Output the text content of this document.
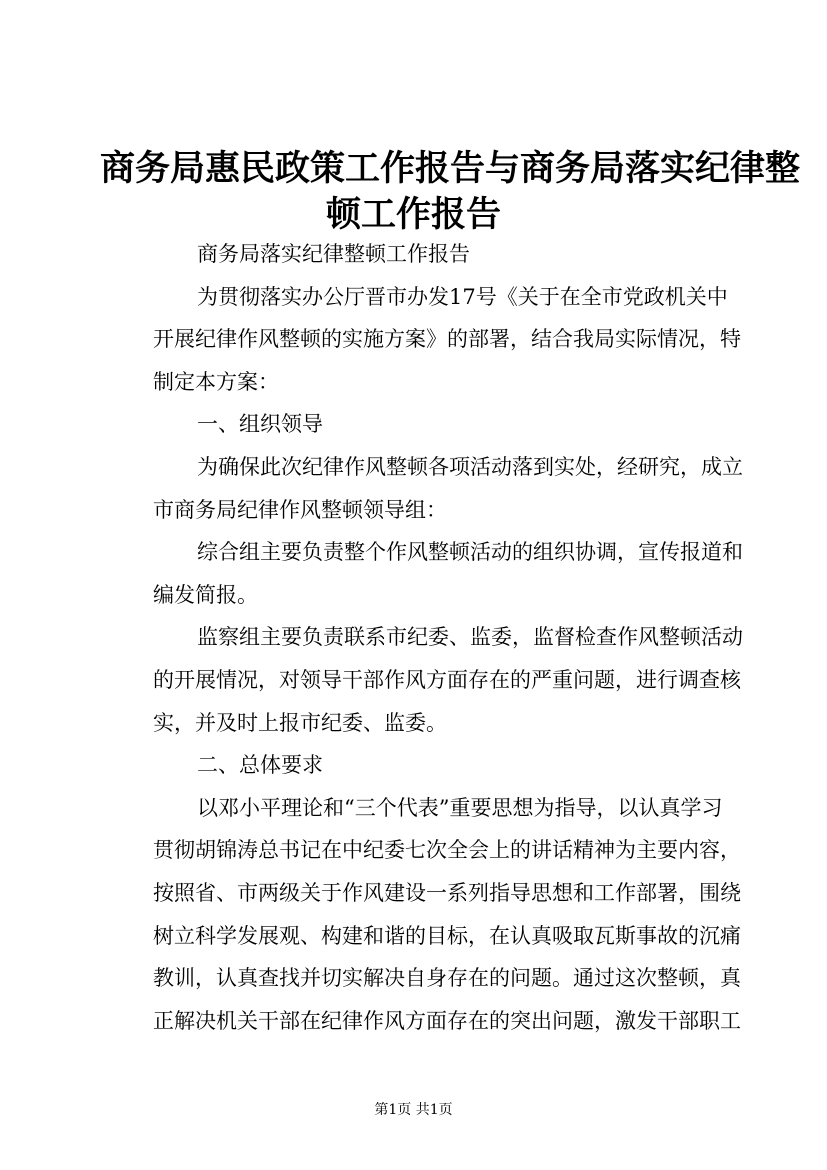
商务局惠民政策工作报告与商务局落实纪律整
顿工作报告
商务局落实纪律整顿工作报告
为贯彻落实办公厅晋市办发17号《关于在全市党政机关中
开展纪律作风整顿的实施方案》的部署，结合我局实际情况，特
制定本方案：
一、组织领导
为确保此次纪律作风整顿各项活动落到实处，经研究，成立
市商务局纪律作风整顿领导组：
综合组主要负责整个作风整顿活动的组织协调，宣传报道和
编发简报。
监察组主要负责联系市纪委、监委，监督检查作风整顿活动
的开展情况，对领导干部作风方面存在的严重问题，进行调查核
实，并及时上报市纪委、监委。
二、总体要求
以邓小平理论和“三个代表”重要思想为指导，以认真学习
贯彻胡锦涛总书记在中纪委七次全会上的讲话精神为主要内容，
按照省、市两级关于作风建设一系列指导思想和工作部署，围绕
树立科学发展观、构建和谐的目标，在认真吸取瓦斯事故的沉痛
教训，认真查找并切实解决自身存在的问题。通过这次整顿，真
正解决机关干部在纪律作风方面存在的突出问题，激发干部职工
第1页 共1页
